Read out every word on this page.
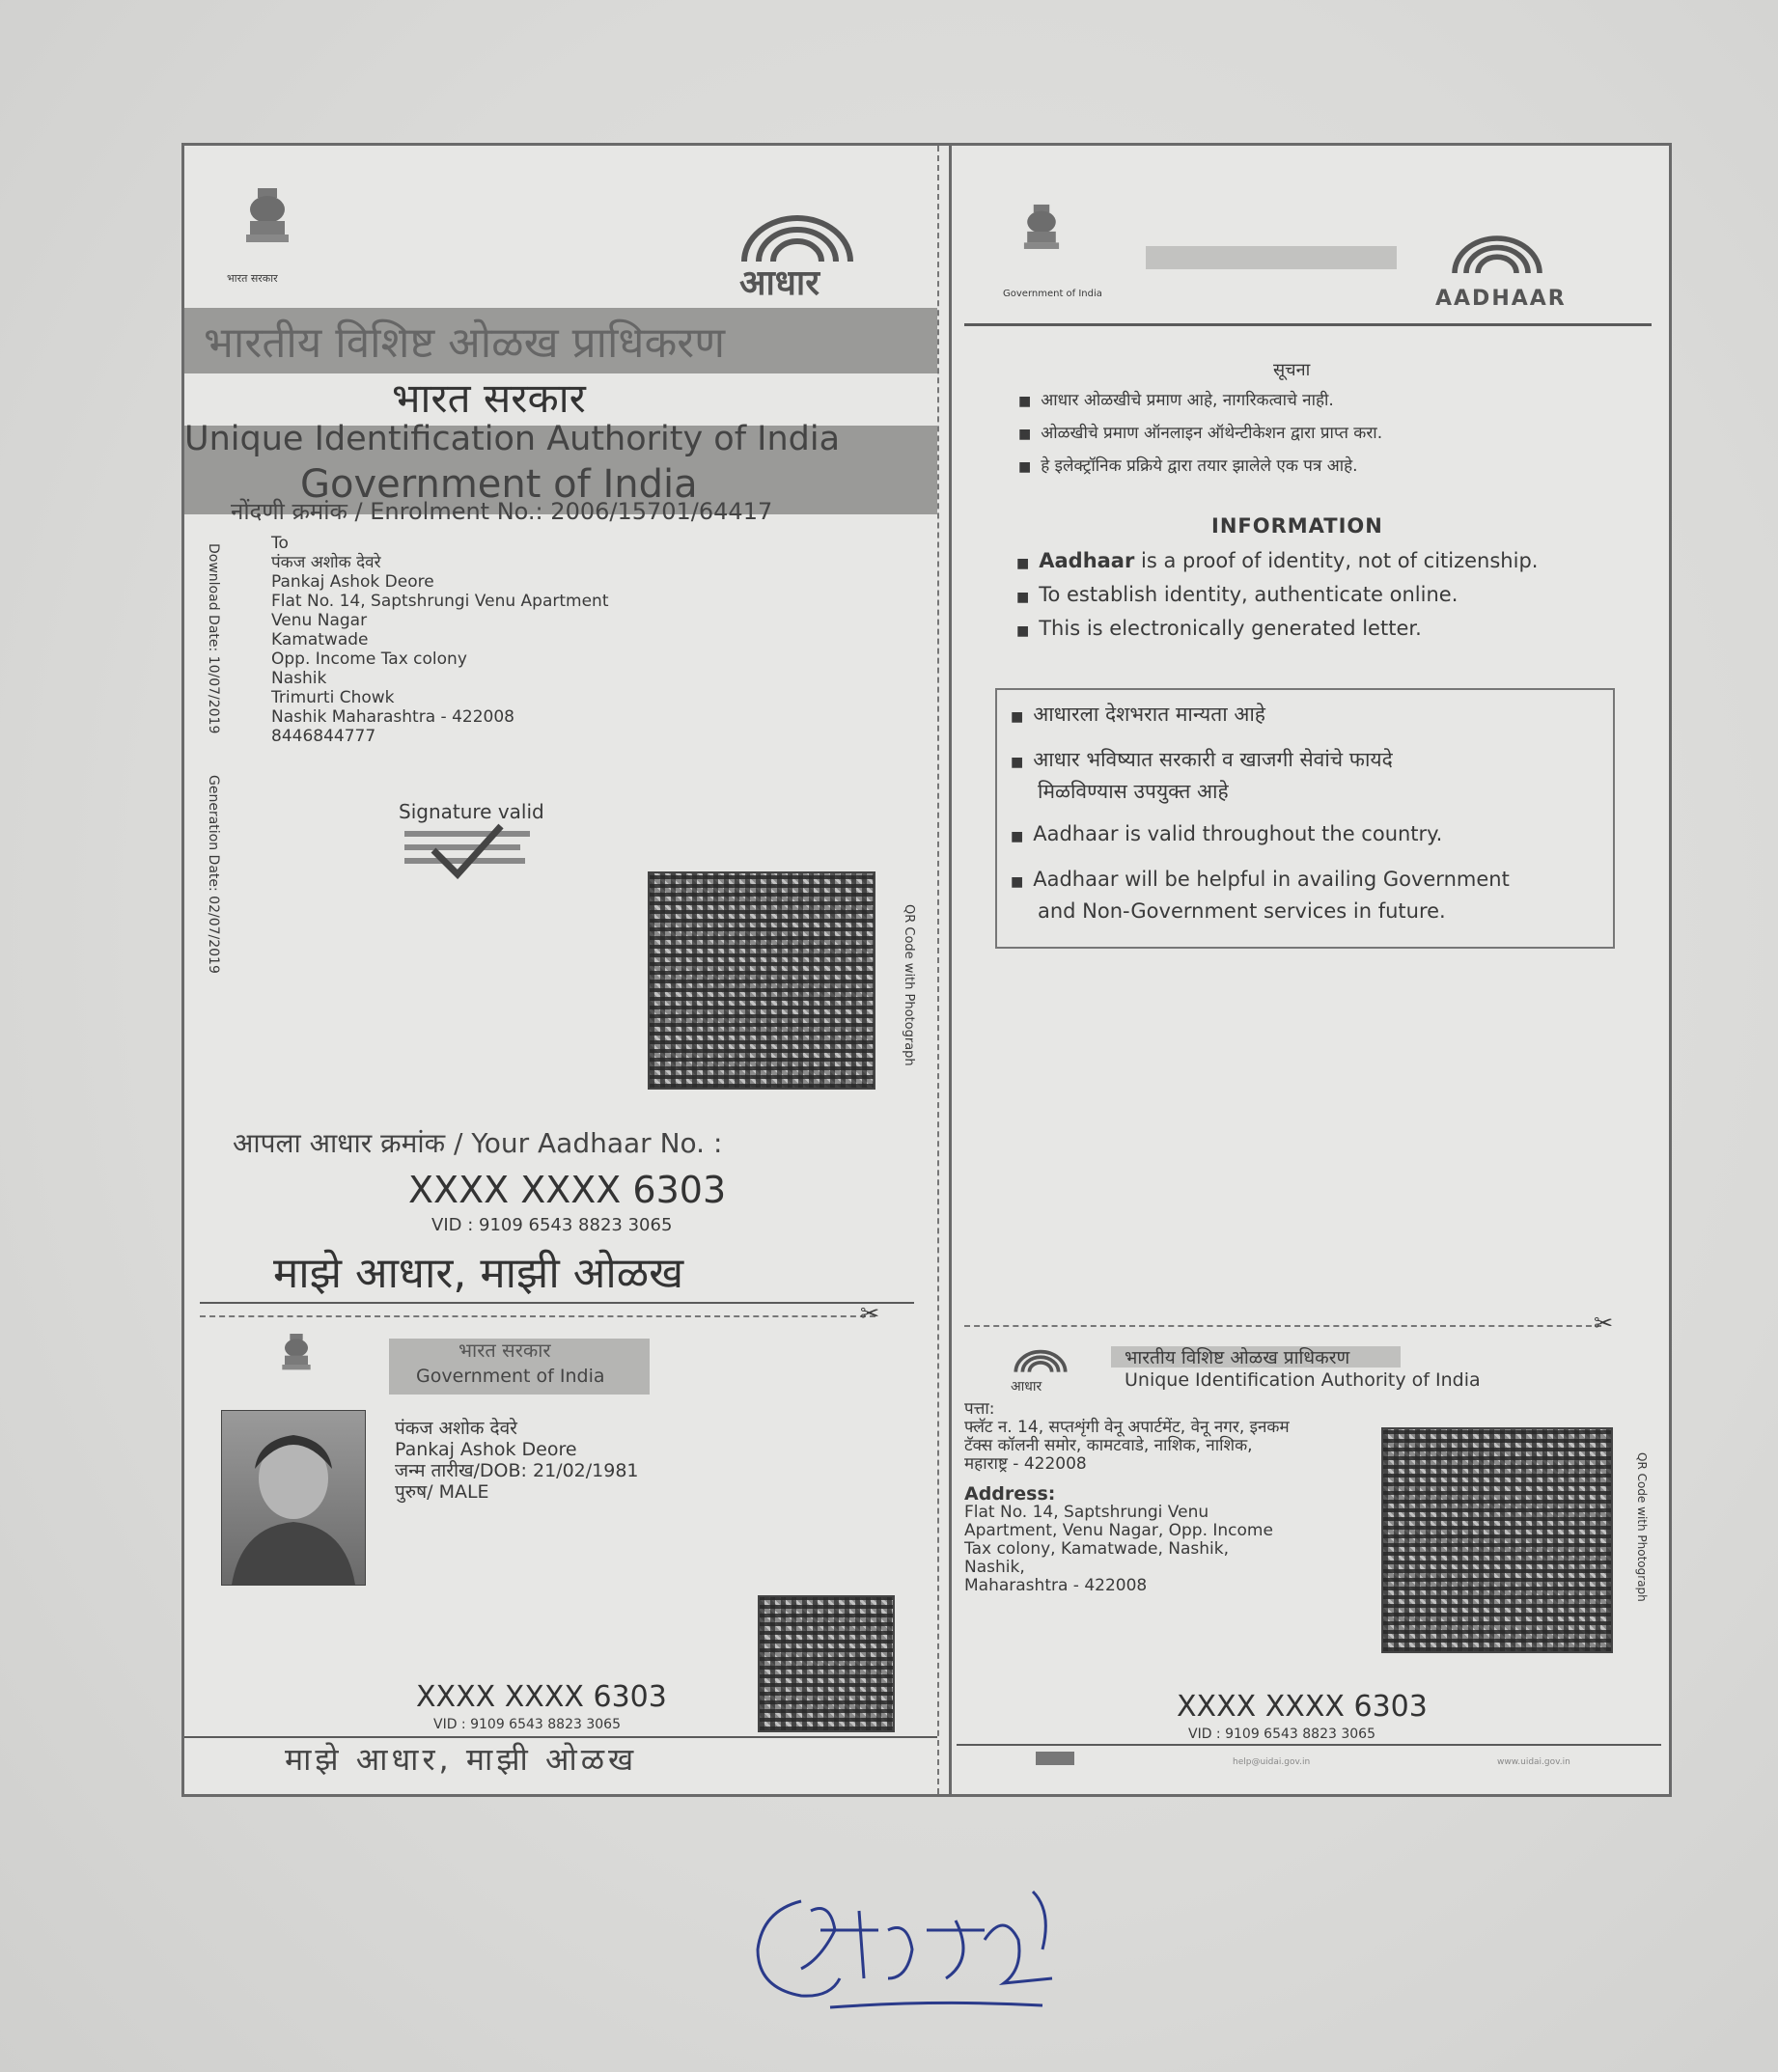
भारत सरकार	आधार
भारतीय विशिष्ट ओळख प्राधिकरण
भारत सरकार
Unique Identification Authority of India
Government of India
नोंदणी क्रमांक / Enrolment No.: 2006/15701/64417
Download Date: 10/07/2019
Generation Date: 02/07/2019
To
पंकज अशोक देवरे
Pankaj Ashok Deore
Flat No. 14, Saptshrungi Venu Apartment
Venu Nagar
Kamatwade
Opp. Income Tax colony
Nashik
Trimurti Chowk
Nashik Maharashtra - 422008
8446844777
Signature valid
QR Code with Photograph
आपला आधार क्रमांक / Your Aadhaar No. :
XXXX XXXX 6303
VID : 9109 6543 8823 3065
माझे आधार, माझी ओळख
✂
भारत सरकार
Government of India
पंकज अशोक देवरे
Pankaj Ashok Deore
जन्म तारीख/DOB: 21/02/1981
पुरुष/ MALE
XXXX XXXX 6303
VID : 9109 6543 8823 3065
माझे आधार, माझी ओळख
Government of India	AADHAAR
सूचना
■ आधार ओळखीचे प्रमाण आहे, नागरिकत्वाचे नाही.
■ ओळखीचे प्रमाण ऑनलाइन ऑथेन्टीकेशन द्वारा प्राप्त करा.
■ हे इलेक्ट्रॉनिक प्रक्रिये द्वारा तयार झालेले एक पत्र आहे.
INFORMATION
■ Aadhaar is a proof of identity, not of citizenship.
■ To establish identity, authenticate online.
■ This is electronically generated letter.
■ आधारला देशभरात मान्यता आहे
■ आधार भविष्यात सरकारी व खाजगी सेवांचे फायदे
मिळविण्यास उपयुक्त आहे
■ Aadhaar is valid throughout the country.
■ Aadhaar will be helpful in availing Government
and Non-Government services in future.
✂
आधार
भारतीय विशिष्ट ओळख प्राधिकरण
Unique Identification Authority of India
पत्ता:
फ्लॅट न. 14, सप्तशृंगी वेनू अपार्टमेंट, वेनू नगर, इनकम
टॅक्स कॉलनी समोर, कामटवाडे, नाशिक, नाशिक,
महाराष्ट्र - 422008
Address:
Flat No. 14, Saptshrungi Venu
Apartment, Venu Nagar, Opp. Income
Tax colony, Kamatwade, Nashik,
Nashik,
Maharashtra - 422008	QR Code with Photograph
XXXX XXXX 6303
VID : 9109 6543 8823 3065
help@uidai.gov.in	www.uidai.gov.in
